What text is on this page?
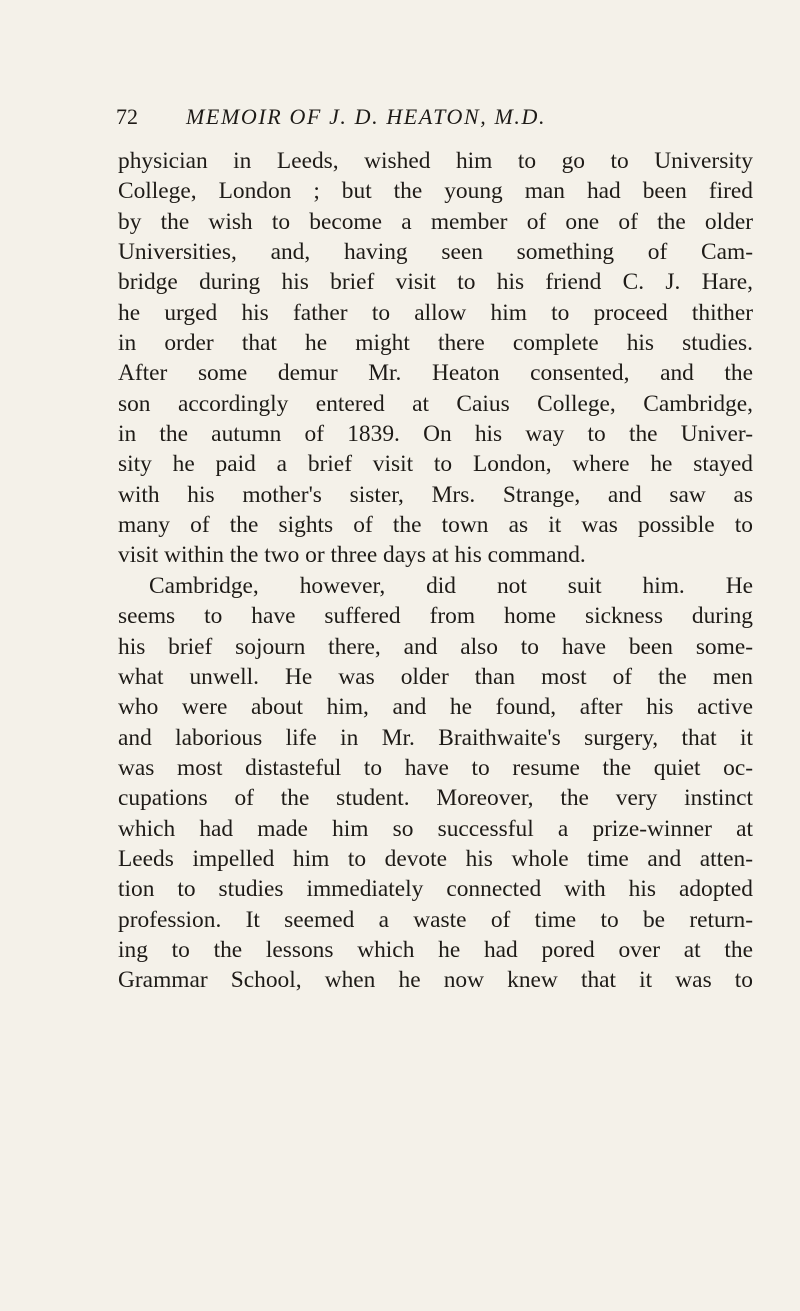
72 MEMOIR OF J. D. HEATON, M.D.
physician in Leeds, wished him to go to University
College, London ; but the young man had been fired
by the wish to become a member of one of the older
Universities, and, having seen something of Cam-
bridge during his brief visit to his friend C. J. Hare,
he urged his father to allow him to proceed thither
in order that he might there complete his studies.
After some demur Mr. Heaton consented, and the
son accordingly entered at Caius College, Cambridge,
in the autumn of 1839. On his way to the Univer-
sity he paid a brief visit to London, where he stayed
with his mother's sister, Mrs. Strange, and saw as
many of the sights of the town as it was possible to
visit within the two or three days at his command.
Cambridge, however, did not suit him. He
seems to have suffered from home sickness during
his brief sojourn there, and also to have been some-
what unwell. He was older than most of the men
who were about him, and he found, after his active
and laborious life in Mr. Braithwaite's surgery, that it
was most distasteful to have to resume the quiet oc-
cupations of the student. Moreover, the very instinct
which had made him so successful a prize-winner at
Leeds impelled him to devote his whole time and atten-
tion to studies immediately connected with his adopted
profession. It seemed a waste of time to be return-
ing to the lessons which he had pored over at the
Grammar School, when he now knew that it was to
